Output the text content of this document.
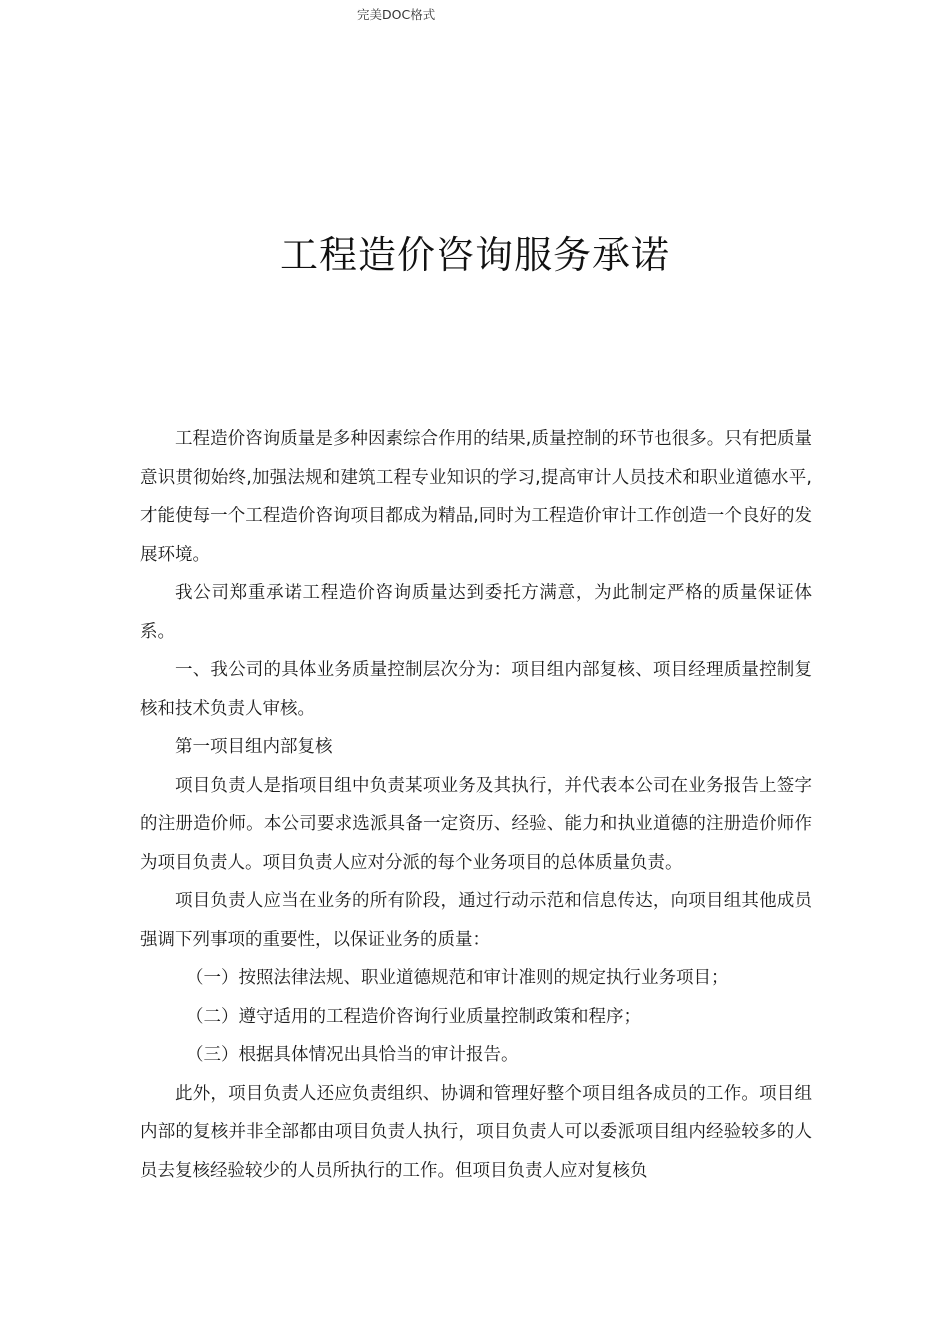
完美DOC格式
工程造价咨询服务承诺

工程造价咨询质量是多种因素综合作用的结果,质量控制的环节也很多。只有把质量意识贯彻始终,加强法规和建筑工程专业知识的学习,提高审计人员技术和职业道德水平,才能使每一个工程造价咨询项目都成为精品,同时为工程造价审计工作创造一个良好的发展环境。

我公司郑重承诺工程造价咨询质量达到委托方满意，为此制定严格的质量保证体系。

一、我公司的具体业务质量控制层次分为：项目组内部复核、项目经理质量控制复核和技术负责人审核。

第一项目组内部复核

项目负责人是指项目组中负责某项业务及其执行，并代表本公司在业务报告上签字的注册造价师。本公司要求选派具备一定资历、经验、能力和执业道德的注册造价师作为项目负责人。项目负责人应对分派的每个业务项目的总体质量负责。

项目负责人应当在业务的所有阶段，通过行动示范和信息传达，向项目组其他成员强调下列事项的重要性，以保证业务的质量：

（一）按照法律法规、职业道德规范和审计准则的规定执行业务项目；

（二）遵守适用的工程造价咨询行业质量控制政策和程序；

（三）根据具体情况出具恰当的审计报告。

此外，项目负责人还应负责组织、协调和管理好整个项目组各成员的工作。项目组内部的复核并非全部都由项目负责人执行，项目负责人可以委派项目组内经验较多的人员去复核经验较少的人员所执行的工作。但项目负责人应对复核负
